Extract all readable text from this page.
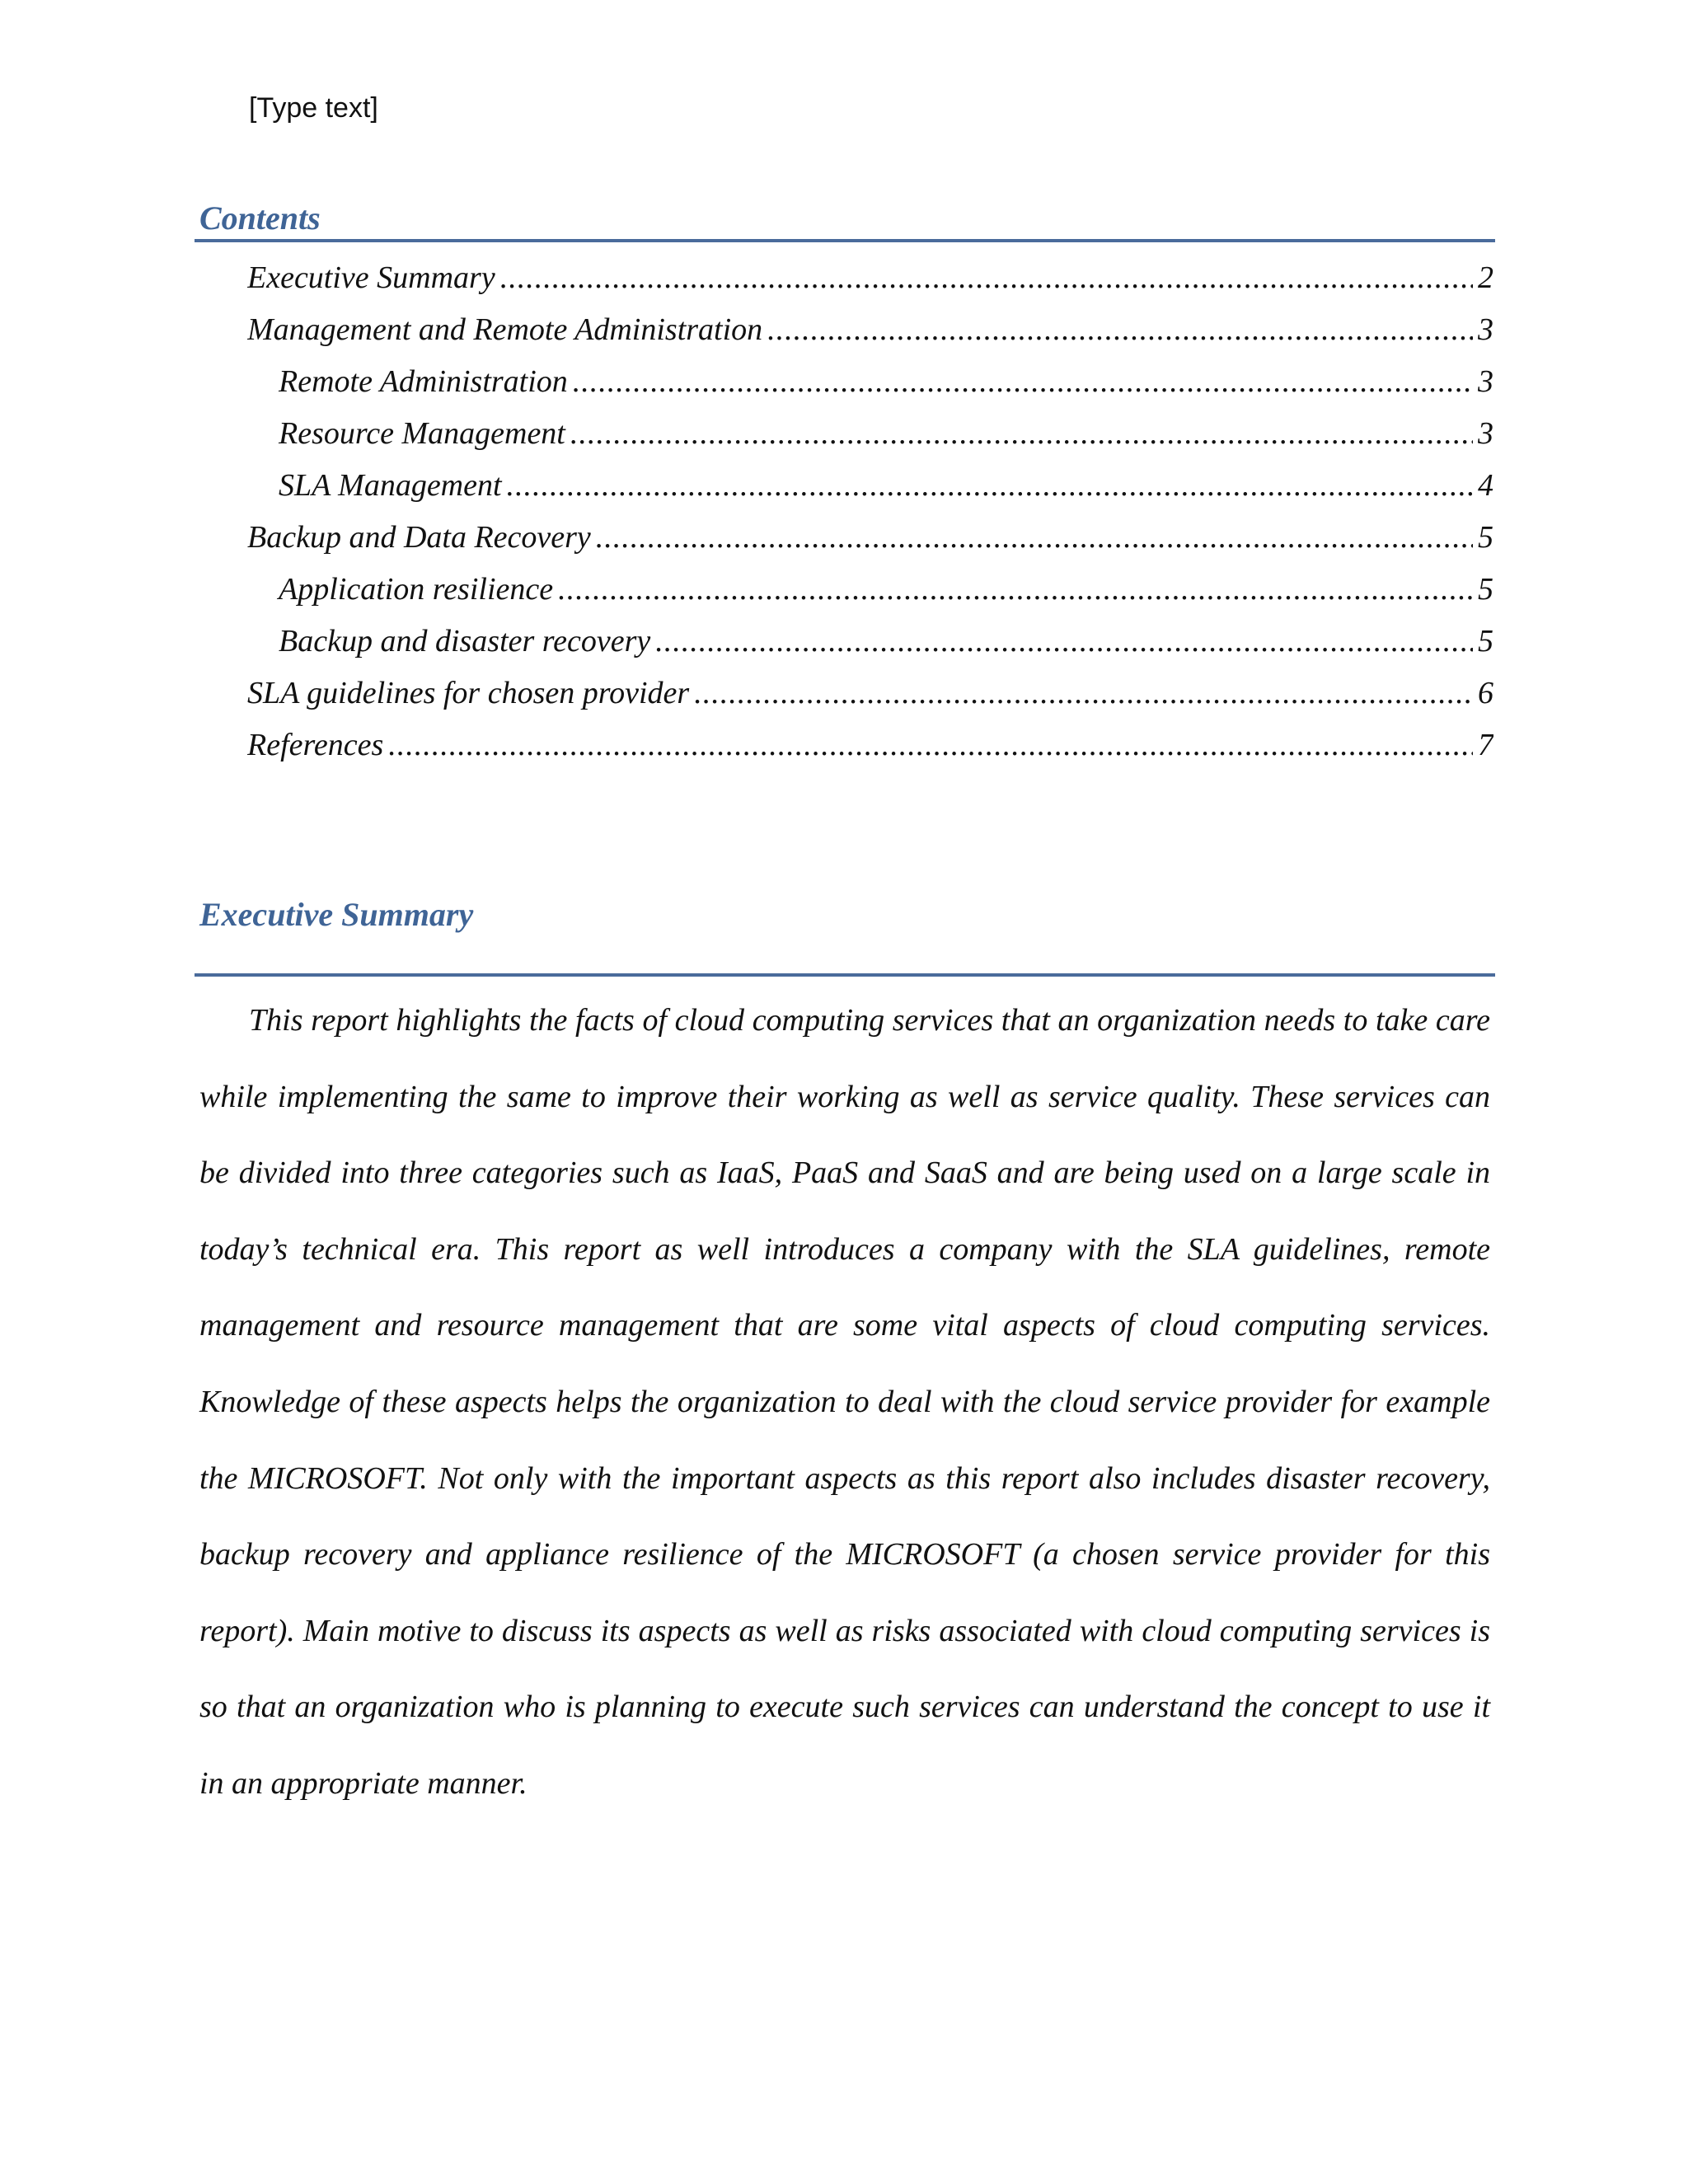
[Type text]
Contents
Executive Summary .....	2
Management and Remote Administration .....	3
Remote Administration .....	3
Resource Management .....	3
SLA Management .....	4
Backup and Data Recovery .....	5
Application resilience .....	5
Backup and disaster recovery .....	5
SLA guidelines for chosen provider .....	6
References .....	7
Executive Summary

This report highlights the facts of cloud computing services that an organization needs to take care while implementing the same to improve their working as well as service quality. These services can be divided into three categories such as IaaS, PaaS and SaaS and are being used on a large scale in today’s technical era. This report as well introduces a company with the SLA guidelines, remote management and resource management that are some vital aspects of cloud computing services. Knowledge of these aspects helps the organization to deal with the cloud service provider for example the MICROSOFT. Not only with the important aspects as this report also includes disaster recovery, backup recovery and appliance resilience of the MICROSOFT (a chosen service provider for this report). Main motive to discuss its aspects as well as risks associated with cloud computing services is so that an organization who is planning to execute such services can understand the concept to use it in an appropriate manner.
